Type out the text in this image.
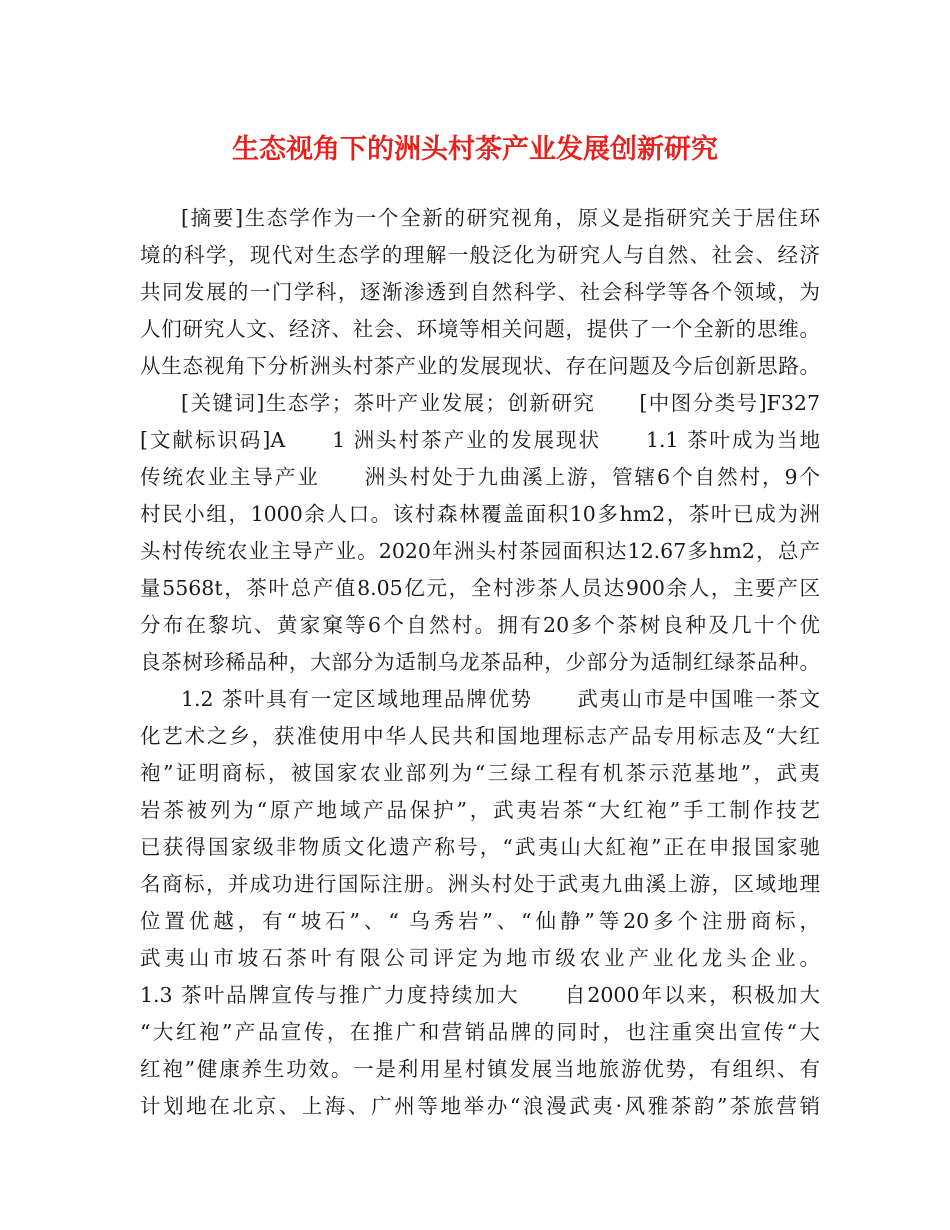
生态视角下的洲头村茶产业发展创新研究
[摘要]生态学作为一个全新的研究视角，原义是指研究关于居住环
境的科学，现代对生态学的理解一般泛化为研究人与自然、社会、经济
共同发展的一门学科，逐渐渗透到自然科学、社会科学等各个领域，为
人们研究人文、经济、社会、环境等相关问题，提供了一个全新的思维。
从生态视角下分析洲头村茶产业的发展现状、存在问题及今后创新思路。
[关键词]生态学；茶叶产业发展；创新研究　　[中图分类号]F327
[文献标识码]A　　1 洲头村茶产业的发展现状　　1.1 茶叶成为当地
传统农业主导产业　　洲头村处于九曲溪上游，管辖6个自然村，9个
村民小组，1000余人口。该村森林覆盖面积10多hm2，茶叶已成为洲
头村传统农业主导产业。2020年洲头村茶园面积达12.67多hm2，总产
量5568t，茶叶总产值8.05亿元，全村涉茶人员达900余人，主要产区
分布在黎坑、黄家窠等6个自然村。拥有20多个茶树良种及几十个优
良茶树珍稀品种，大部分为适制乌龙茶品种，少部分为适制红绿茶品种。
1.2 茶叶具有一定区域地理品牌优势　　武夷山市是中国唯一茶文
化艺术之乡，获准使用中华人民共和国地理标志产品专用标志及“大红
袍”证明商标，被国家农业部列为“三绿工程有机茶示范基地”，武夷
岩茶被列为“原产地域产品保护”，武夷岩茶“大红袍”手工制作技艺
已获得国家级非物质文化遗产称号，“武夷山大紅袍”正在申报国家驰
名商标，并成功进行国际注册。洲头村处于武夷九曲溪上游，区域地理
位置优越，有“坡石”、“ 乌秀岩”、“仙静”等20多个注册商标，
武夷山市坡石茶叶有限公司评定为地市级农业产业化龙头企业。
1.3 茶叶品牌宣传与推广力度持续加大　　自2000年以来，积极加大
“大红袍”产品宣传，在推广和营销品牌的同时，也注重突出宣传“大
红袍”健康养生功效。一是利用星村镇发展当地旅游优势，有组织、有
计划地在北京、上海、广州等地举办“浪漫武夷·风雅茶韵”茶旅营销
